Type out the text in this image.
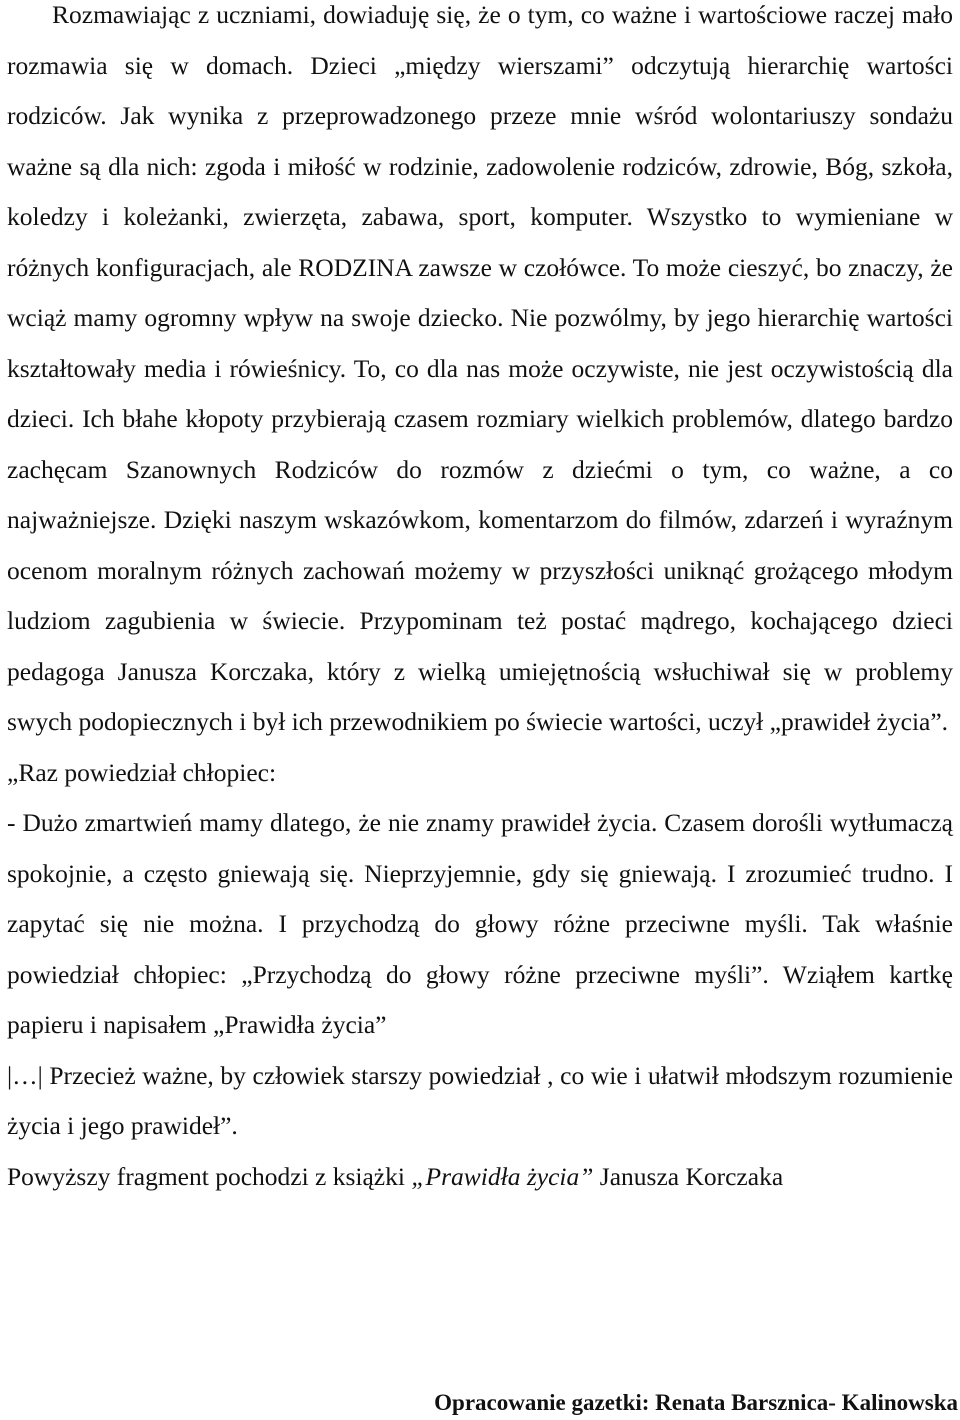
Rozmawiając z uczniami, dowiaduję się, że o tym, co ważne i wartościowe raczej mało rozmawia się w domach. Dzieci „między wierszami” odczytują hierarchię wartości rodziców. Jak wynika z przeprowadzonego przeze mnie wśród wolontariuszy sondażu ważne są dla nich: zgoda i miłość w rodzinie, zadowolenie rodziców, zdrowie, Bóg, szkoła, koledzy i koleżanki, zwierzęta, zabawa, sport, komputer. Wszystko to wymieniane w różnych konfiguracjach, ale RODZINA zawsze w czołówce. To może cieszyć, bo znaczy, że wciąż mamy ogromny wpływ na swoje dziecko. Nie pozwólmy, by jego hierarchię wartości kształtowały media i rówieśnicy. To, co dla nas może oczywiste, nie jest oczywistością dla dzieci. Ich błahe kłopoty przybierają czasem rozmiary wielkich problemów, dlatego bardzo zachęcam Szanownych Rodziców do rozmów z dziećmi o tym, co ważne, a co najważniejsze. Dzięki naszym wskazówkom, komentarzom do filmów, zdarzeń i wyraźnym ocenom moralnym różnych zachowań możemy w przyszłości uniknąć grożącego młodym ludziom zagubienia w świecie. Przypominam też postać mądrego, kochającego dzieci pedagoga Janusza Korczaka, który z wielką umiejętnością wsłuchiwał się w problemy swych podopiecznych i był ich przewodnikiem po świecie wartości, uczył „prawideł życia”.

„Raz powiedział chłopiec:

- Dużo zmartwień mamy dlatego, że nie znamy prawideł życia. Czasem dorośli wytłumaczą spokojnie, a często gniewają się. Nieprzyjemnie, gdy się gniewają. I zrozumieć trudno. I zapytać się nie można. I przychodzą do głowy różne przeciwne myśli. Tak właśnie powiedział chłopiec: „Przychodzą do głowy różne przeciwne myśli”. Wziąłem kartkę papieru i napisałem „Prawidła życia”

|…| Przecież ważne, by człowiek starszy powiedział , co wie i ułatwił młodszym rozumienie życia i jego prawideł”.

Powyższy fragment pochodzi z książki „Prawidła życia” Janusza Korczaka

Opracowanie gazetki: Renata Barsznica- Kalinowska
